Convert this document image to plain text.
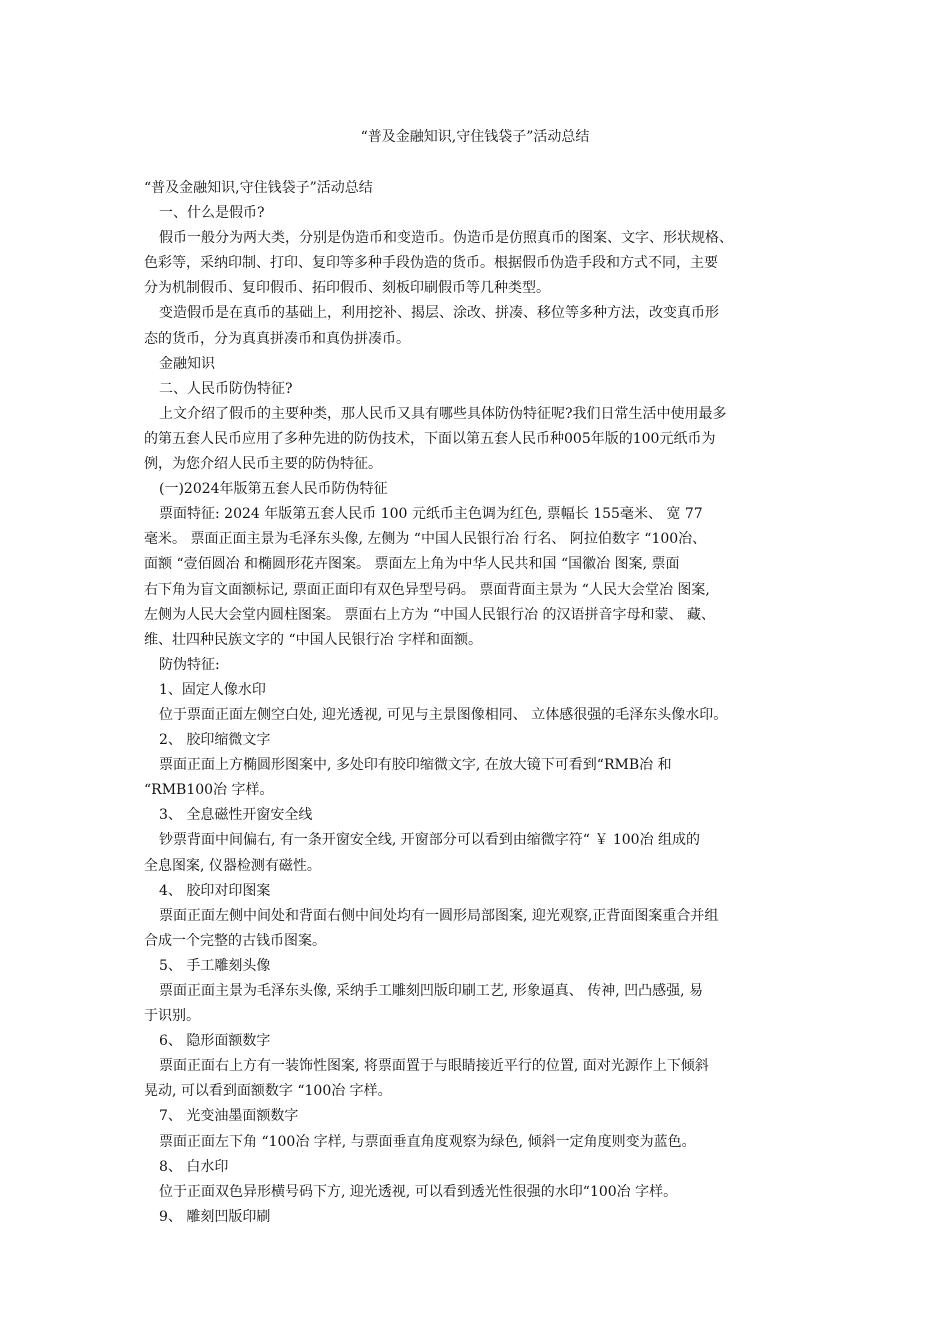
“普及金融知识,守住钱袋子”活动总结
“普及金融知识,守住钱袋子”活动总结
一、什么是假币?
假币一般分为两大类，分别是伪造币和变造币。伪造币是仿照真币的图案、文字、形状规格、
色彩等，采纳印制、打印、复印等多种手段伪造的货币。根据假币伪造手段和方式不同，主要
分为机制假币、复印假币、拓印假币、刻板印刷假币等几种类型。
变造假币是在真币的基础上，利用挖补、揭层、涂改、拼凑、移位等多种方法，改变真币形
态的货币，分为真真拼凑币和真伪拼凑币。
金融知识
二、人民币防伪特征?
上文介绍了假币的主要种类，那人民币又具有哪些具体防伪特征呢?我们日常生活中使用最多
的第五套人民币应用了多种先进的防伪技术，下面以第五套人民币种005年版的100元纸币为
例，为您介绍人民币主要的防伪特征。
(一)2024年版第五套人民币防伪特征
票面特征: 2024 年版第五套人民币 100 元纸币主色调为红色, 票幅长 155毫米、 宽 77
毫米。 票面正面主景为毛泽东头像, 左侧为 “中国人民银行冶 行名、 阿拉伯数字 “100冶、
面额 “壹佰圆冶 和椭圆形花卉图案。 票面左上角为中华人民共和国 “国徽冶 图案, 票面
右下角为盲文面额标记, 票面正面印有双色异型号码。 票面背面主景为 “人民大会堂冶 图案,
左侧为人民大会堂内圆柱图案。 票面右上方为 “中国人民银行冶 的汉语拼音字母和蒙、 藏、
维、壮四种民族文字的 “中国人民银行冶 字样和面额。
防伪特征:
1、固定人像水印
位于票面正面左侧空白处, 迎光透视, 可见与主景图像相同、 立体感很强的毛泽东头像水印。
2、 胶印缩微文字
票面正面上方椭圆形图案中, 多处印有胶印缩微文字, 在放大镜下可看到“RMB冶 和
“RMB100冶 字样。
3、 全息磁性开窗安全线
钞票背面中间偏右, 有一条开窗安全线, 开窗部分可以看到由缩微字符“ ￥ 100冶 组成的
全息图案, 仪器检测有磁性。
4、 胶印对印图案
票面正面左侧中间处和背面右侧中间处均有一圆形局部图案, 迎光观察,正背面图案重合并组
合成一个完整的古钱币图案。
5、 手工雕刻头像
票面正面主景为毛泽东头像, 采纳手工雕刻凹版印刷工艺, 形象逼真、 传神, 凹凸感强, 易
于识别。
6、 隐形面额数字
票面正面右上方有一装饰性图案, 将票面置于与眼睛接近平行的位置, 面对光源作上下倾斜
晃动, 可以看到面额数字 “100冶 字样。
7、 光变油墨面额数字
票面正面左下角 “100冶 字样, 与票面垂直角度观察为绿色, 倾斜一定角度则变为蓝色。
8、 白水印
位于正面双色异形横号码下方, 迎光透视, 可以看到透光性很强的水印“100冶 字样。
9、 雕刻凹版印刷
